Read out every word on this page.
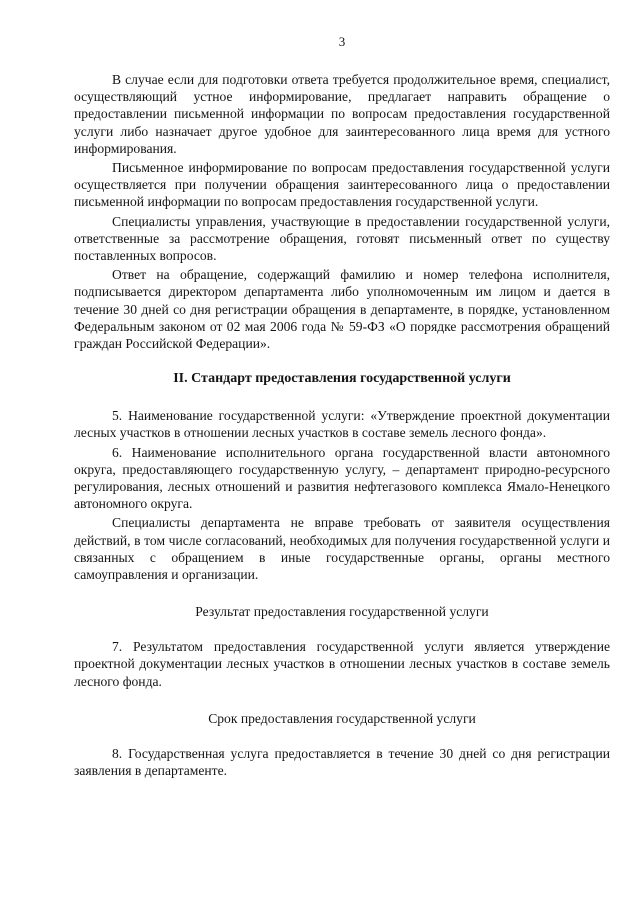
3

В случае если для подготовки ответа требуется продолжительное время, специалист, осуществляющий устное информирование, предлагает направить обращение о предоставлении письменной информации по вопросам предоставления государственной услуги либо назначает другое удобное для заинтересованного лица время для устного информирования.

Письменное информирование по вопросам предоставления государственной услуги осуществляется при получении обращения заинтересованного лица о предоставлении письменной информации по вопросам предоставления государственной услуги.

Специалисты управления, участвующие в предоставлении государственной услуги, ответственные за рассмотрение обращения, готовят письменный ответ по существу поставленных вопросов.

Ответ на обращение, содержащий фамилию и номер телефона исполнителя, подписывается директором департамента либо уполномоченным им лицом и дается в течение 30 дней со дня регистрации обращения в департаменте, в порядке, установленном Федеральным законом от 02 мая 2006 года № 59-ФЗ «О порядке рассмотрения обращений граждан Российской Федерации».

II. Стандарт предоставления государственной услуги

5. Наименование государственной услуги: «Утверждение проектной документации лесных участков в отношении лесных участков в составе земель лесного фонда».

6. Наименование исполнительного органа государственной власти автономного округа, предоставляющего государственную услугу, – департамент природно-ресурсного регулирования, лесных отношений и развития нефтегазового комплекса Ямало-Ненецкого автономного округа.

Специалисты департамента не вправе требовать от заявителя осуществления действий, в том числе согласований, необходимых для получения государственной услуги и связанных с обращением в иные государственные органы, органы местного самоуправления и организации.

Результат предоставления государственной услуги

7. Результатом предоставления государственной услуги является утверждение проектной документации лесных участков в отношении лесных участков в составе земель лесного фонда.

Срок предоставления государственной услуги

8. Государственная услуга предоставляется в течение 30 дней со дня регистрации заявления в департаменте.
